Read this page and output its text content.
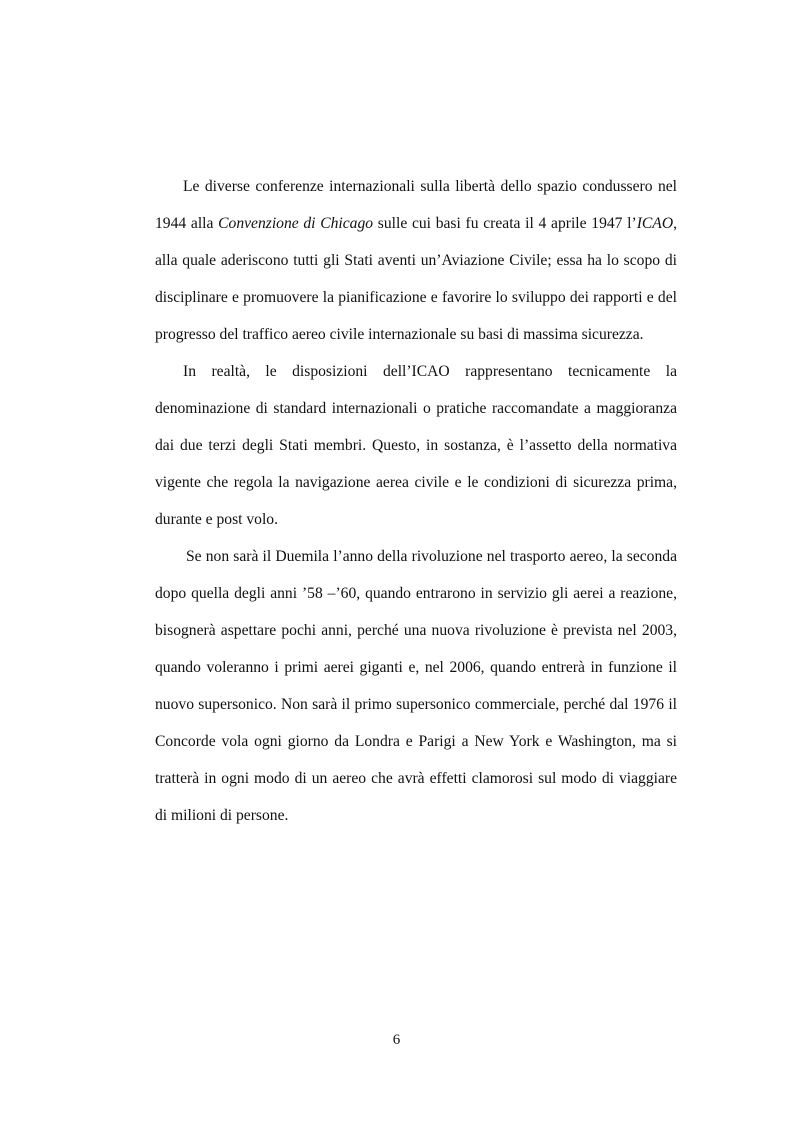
Le diverse conferenze internazionali sulla libertà dello spazio condussero nel 1944 alla Convenzione di Chicago sulle cui basi fu creata il 4 aprile 1947 l’ICAO, alla quale aderiscono tutti gli Stati aventi un’Aviazione Civile; essa ha lo scopo di disciplinare e promuovere la pianificazione e favorire lo sviluppo dei rapporti e del progresso del traffico aereo civile internazionale su basi di massima sicurezza.

In realtà, le disposizioni dell’ICAO rappresentano tecnicamente la denominazione di standard internazionali o pratiche raccomandate a maggioranza dai due terzi degli Stati membri. Questo, in sostanza, è l’assetto della normativa vigente che regola la navigazione aerea civile e le condizioni di sicurezza prima, durante e post volo.

Se non sarà il Duemila l’anno della rivoluzione nel trasporto aereo, la seconda dopo quella degli anni ’58 –’60, quando entrarono in servizio gli aerei a reazione, bisognerà aspettare pochi anni, perché una nuova rivoluzione è prevista nel 2003, quando voleranno i primi aerei giganti e, nel 2006, quando entrerà in funzione il nuovo supersonico. Non sarà il primo supersonico commerciale, perché dal 1976 il Concorde vola ogni giorno da Londra e Parigi a New York e Washington, ma si tratterà in ogni modo di un aereo che avrà effetti clamorosi sul modo di viaggiare di milioni di persone.

6
